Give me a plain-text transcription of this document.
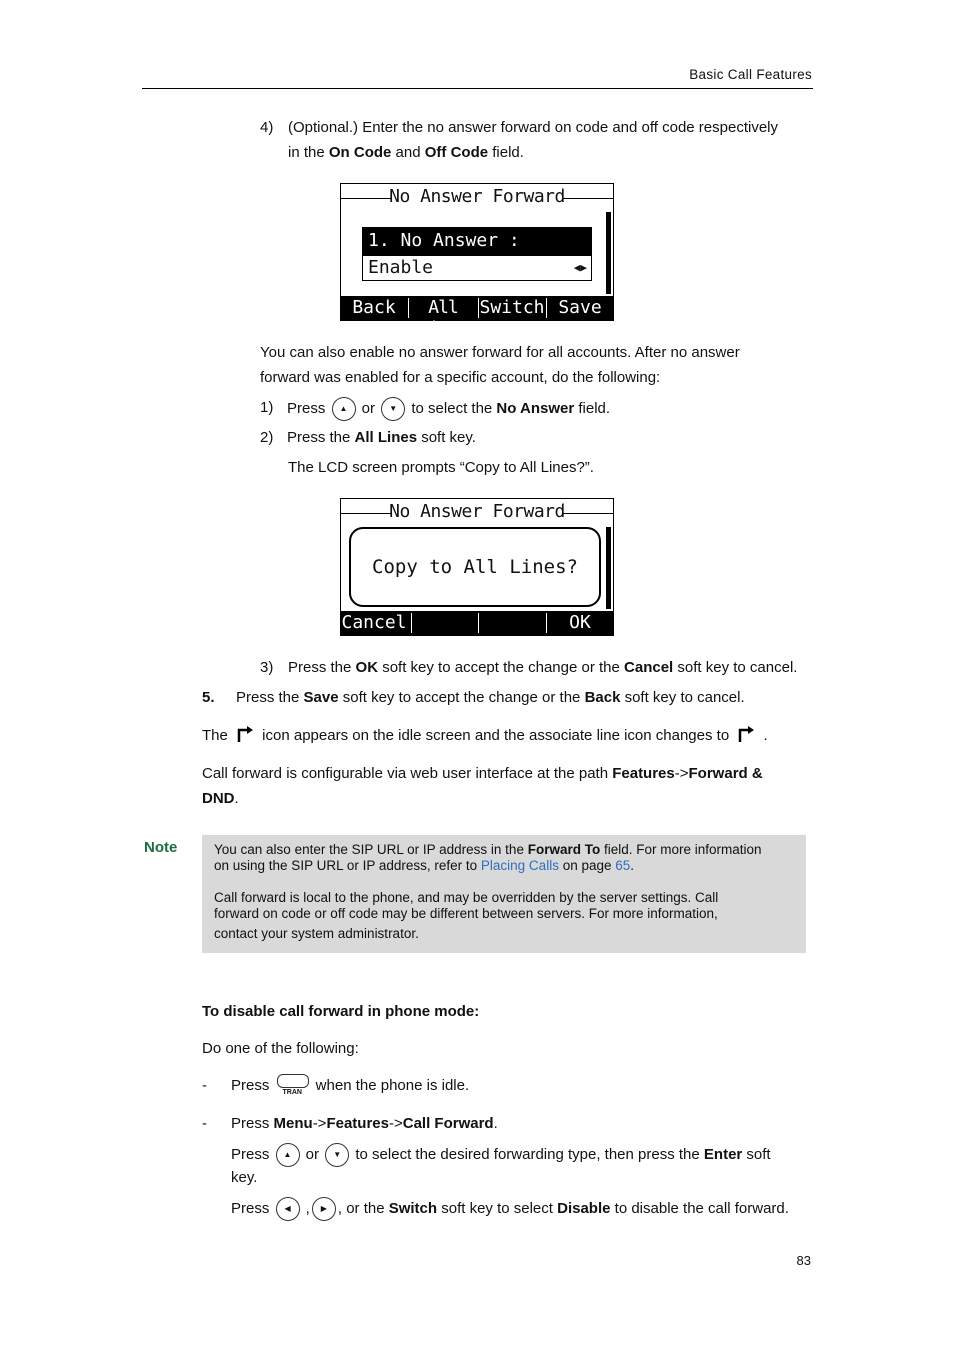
Basic Call Features
4) (Optional.) Enter the no answer forward on code and off code respectively
in the On Code and Off Code field.
No Answer Forward
1. No Answer :
Enable	◀▶
Back	All Lines
Switch Save
You can also enable no answer forward for all accounts. After no answer
forward was enabled for a specific account, do the following:
1) Press ▲ or ▼ to select the No Answer field.
2) Press the All Lines soft key.
The LCD screen prompts “Copy to All Lines?”.
No Answer Forward
Copy to All Lines?
Cancel	OK
3) Press the OK soft key to accept the change or the Cancel soft key to cancel.
5. Press the Save soft key to accept the change or the Back soft key to cancel.
The  icon appears on the idle screen and the associate line icon changes to  .
Call forward is configurable via web user interface at the path Features->Forward &
DND.
Note	You can also enter the SIP URL or IP address in the Forward To field. For more information
on using the SIP URL or IP address, refer to Placing Calls on page 65.
Call forward is local to the phone, and may be overridden by the server settings. Call
forward on code or off code may be different between servers. For more information,
contact your system administrator.
To disable call forward in phone mode:
Do one of the following:
- Press TRAN when the phone is idle.
- Press Menu->Features->Call Forward.
Press ▲ or ▼ to select the desired forwarding type, then press the Enter soft
key.
Press ◀ , ▶ , or the Switch soft key to select Disable to disable the call forward.
83
